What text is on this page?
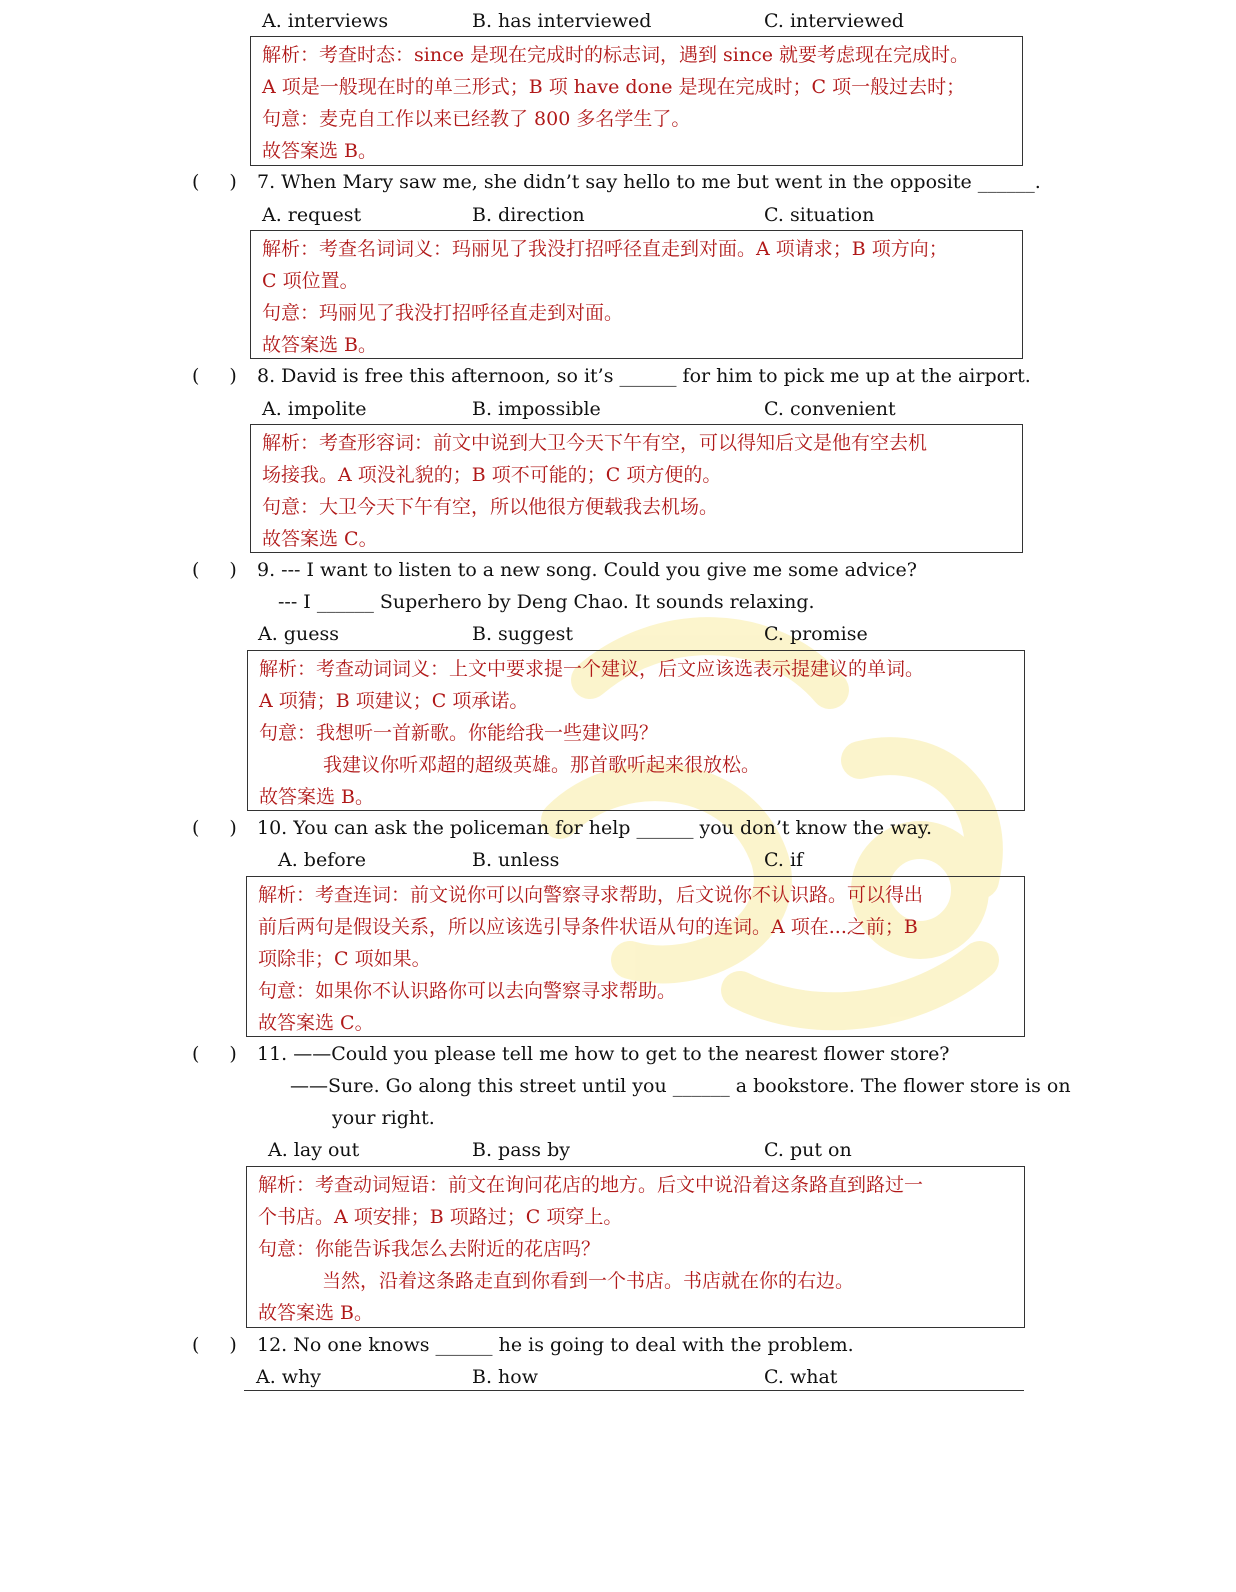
A. interviews	B. has interviewed	C. interviewed

解析：考查时态：since 是现在完成时的标志词，遇到 since 就要考虑现在完成时。

A 项是一般现在时的单三形式；B 项 have done 是现在完成时；C 项一般过去时；

句意：麦克自工作以来已经教了 800 多名学生了。

故答案选 B。

( ) 7. When Mary saw me, she didn’t say hello to me but went in the opposite ______.
A. request	B. direction	C. situation

解析：考查名词词义：玛丽见了我没打招呼径直走到对面。A 项请求；B 项方向；

C 项位置。

句意：玛丽见了我没打招呼径直走到对面。

故答案选 B。

( ) 8. David is free this afternoon, so it’s ______ for him to pick me up at the airport.
A. impolite	B. impossible	C. convenient

解析：考查形容词：前文中说到大卫今天下午有空，可以得知后文是他有空去机

场接我。A 项没礼貌的；B 项不可能的；C 项方便的。

句意：大卫今天下午有空，所以他很方便载我去机场。

故答案选 C。

( ) 9. --- I want to listen to a new song. Could you give me some advice?
--- I ______ Superhero by Deng Chao. It sounds relaxing.
A. guess	B. suggest	C. promise

解析：考查动词词义：上文中要求提一个建议，后文应该选表示提建议的单词。

A 项猜；B 项建议；C 项承诺。

句意：我想听一首新歌。你能给我一些建议吗？

我建议你听邓超的超级英雄。那首歌听起来很放松。

故答案选 B。

( ) 10. You can ask the policeman for help ______ you don’t know the way.
A. before	B. unless	C. if

解析：考查连词：前文说你可以向警察寻求帮助，后文说你不认识路。可以得出

前后两句是假设关系，所以应该选引导条件状语从句的连词。A 项在...之前；B

项除非；C 项如果。

句意：如果你不认识路你可以去向警察寻求帮助。

故答案选 C。

( ) 11. ——Could you please tell me how to get to the nearest flower store?
——Sure. Go along this street until you ______ a bookstore. The flower store is on
your right.
A. lay out	B. pass by	C. put on

解析：考查动词短语：前文在询问花店的地方。后文中说沿着这条路直到路过一

个书店。A 项安排；B 项路过；C 项穿上。

句意：你能告诉我怎么去附近的花店吗？

当然，沿着这条路走直到你看到一个书店。书店就在你的右边。

故答案选 B。

( ) 12. No one knows ______ he is going to deal with the problem.
A. why	B. how	C. what
